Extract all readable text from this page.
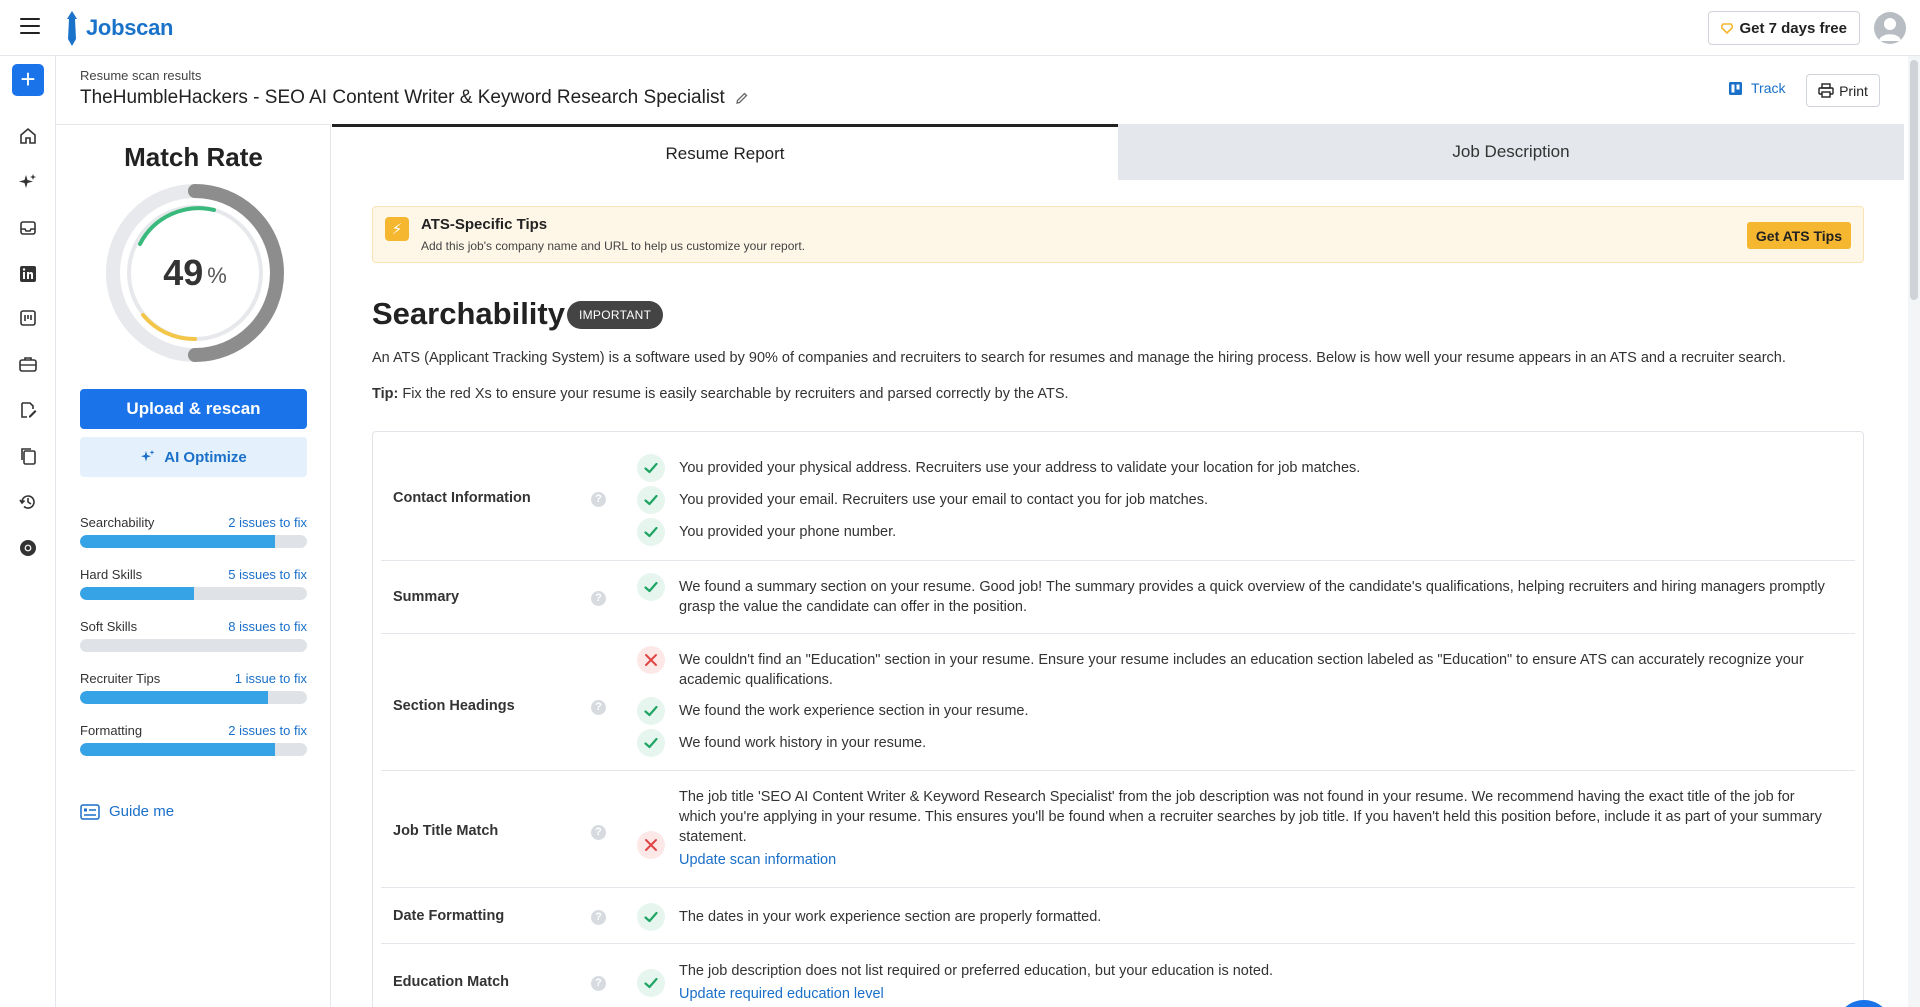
Jobscan	Get 7 days free
+	Resume scan results
TheHumbleHackers - SEO AI Content Writer & Keyword Research Specialist	Track	Print
Match Rate
49 %
Upload & rescan
AI Optimize
Searchability	2 issues to fix
Hard Skills	5 issues to fix
Soft Skills	8 issues to fix
Recruiter Tips	1 issue to fix
Formatting	2 issues to fix
Guide me
Resume Report	Job Description
⚡	ATS-Specific Tips
Add this job's company name and URL to help us customize your report.
Get ATS Tips
Searchability	IMPORTANT
An ATS (Applicant Tracking System) is a software used by 90% of companies and recruiters to search for resumes and manage the hiring process. Below is how well your resume appears in an ATS and a recruiter search.
Tip: Fix the red Xs to ensure your resume is easily searchable by recruiters and parsed correctly by the ATS.
Contact Information	?
You provided your physical address. Recruiters use your address to validate your location for job matches.
You provided your email. Recruiters use your email to contact you for job matches.
You provided your phone number.
Summary	?
We found a summary section on your resume. Good job! The summary provides a quick overview of the candidate's qualifications, helping recruiters and hiring managers promptly grasp the value the candidate can offer in the position.
Section Headings	?
We couldn't find an "Education" section in your resume. Ensure your resume includes an education section labeled as "Education" to ensure ATS can accurately recognize your academic qualifications.
We found the work experience section in your resume.
We found work history in your resume.
Job Title Match	?
The job title 'SEO AI Content Writer & Keyword Research Specialist' from the job description was not found in your resume. We recommend having the exact title of the job for which you're applying in your resume. This ensures you'll be found when a recruiter searches by job title. If you haven't held this position before, include it as part of your summary statement.
Update scan information
Date Formatting	?	The dates in your work experience section are properly formatted.
Education Match	?
The job description does not list required or preferred education, but your education is noted.
Update required education level
